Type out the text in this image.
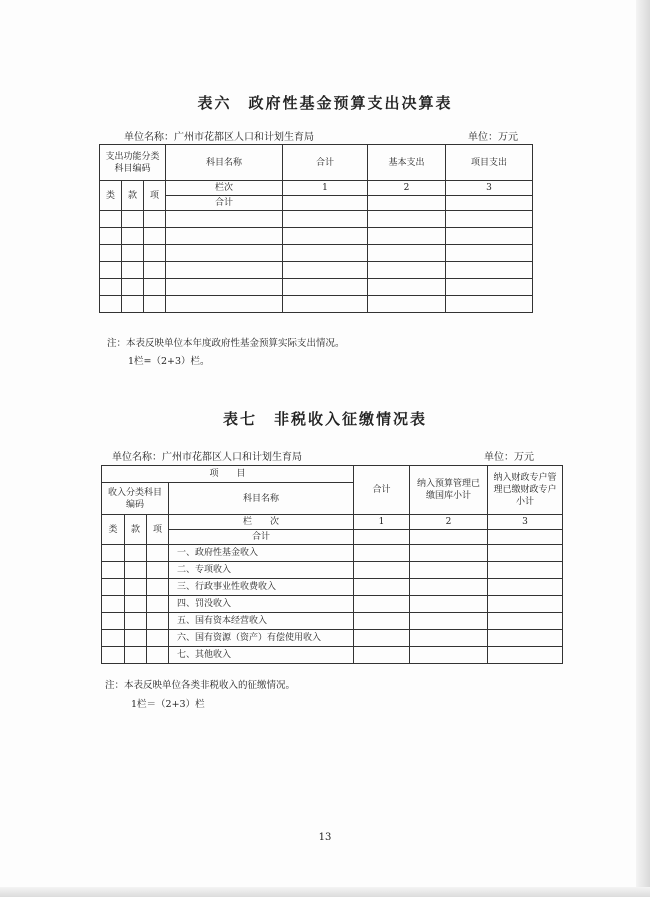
表六　政府性基金预算支出决算表
单位名称：广州市花都区人口和计划生育局	单位：万元
支出功能分类科目编码			科目名称	合计	基本支出	项目支出
类	款	项	栏次	1	2	3
			合计			

注：本表反映单位本年度政府性基金预算实际支出情况。
1栏=（2+3）栏。
表七　非税收入征缴情况表
单位名称：广州市花都区人口和计划生育局	单位：万元
项　　目				合计	纳入预算管理已缴国库小计	纳入财政专户管理已缴财政专户小计
收入分类科目编码			科目名称			
类	款	项	栏　　次	1	2	3
			合计			
			一、政府性基金收入			
			二、专项收入			
			三、行政事业性收费收入			
			四、罚没收入			
			五、国有资本经营收入			
			六、国有资源（资产）有偿使用收入			
			七、其他收入			
注：本表反映单位各类非税收入的征缴情况。
1栏＝（2+3）栏
13
